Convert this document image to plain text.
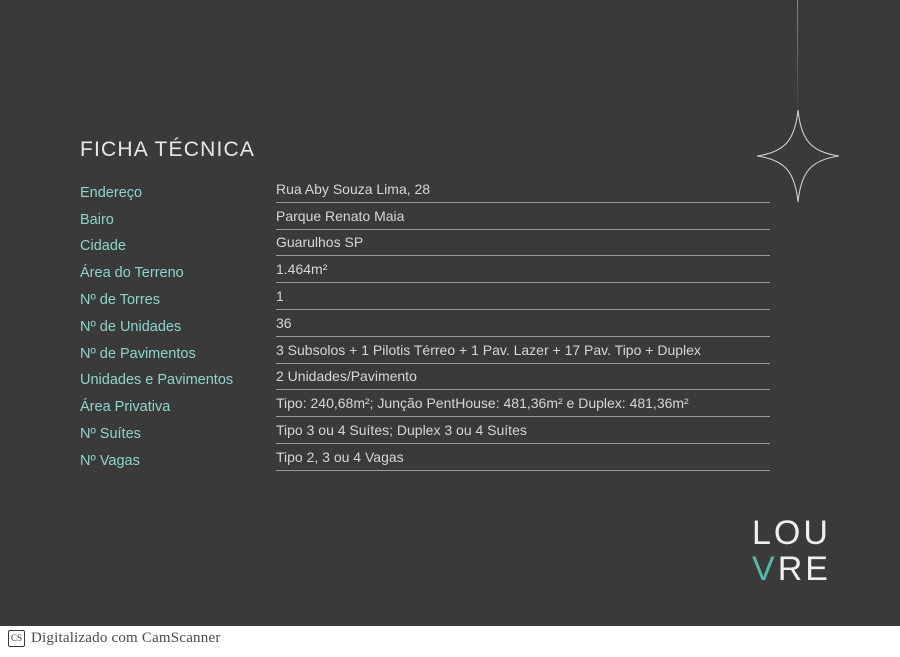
FICHA TÉCNICA
Endereço	Rua Aby Souza Lima, 28
Bairo	Parque Renato Maia
Cidade	Guarulhos SP
Área do Terreno	1.464m²
Nº de Torres	1
Nº de Unidades	36
Nº de Pavimentos	3 Subsolos + 1 Pilotis Térreo + 1 Pav. Lazer + 17 Pav. Tipo + Duplex
Unidades e Pavimentos	2 Unidades/Pavimento
Área Privativa	Tipo: 240,68m²; Junção PentHouse: 481,36m² e Duplex: 481,36m²
Nº Suítes	Tipo 3 ou 4 Suítes; Duplex 3 ou 4 Suítes
Nº Vagas	Tipo 2, 3 ou 4 Vagas
LOU
VRE
CS Digitalizado com CamScanner
